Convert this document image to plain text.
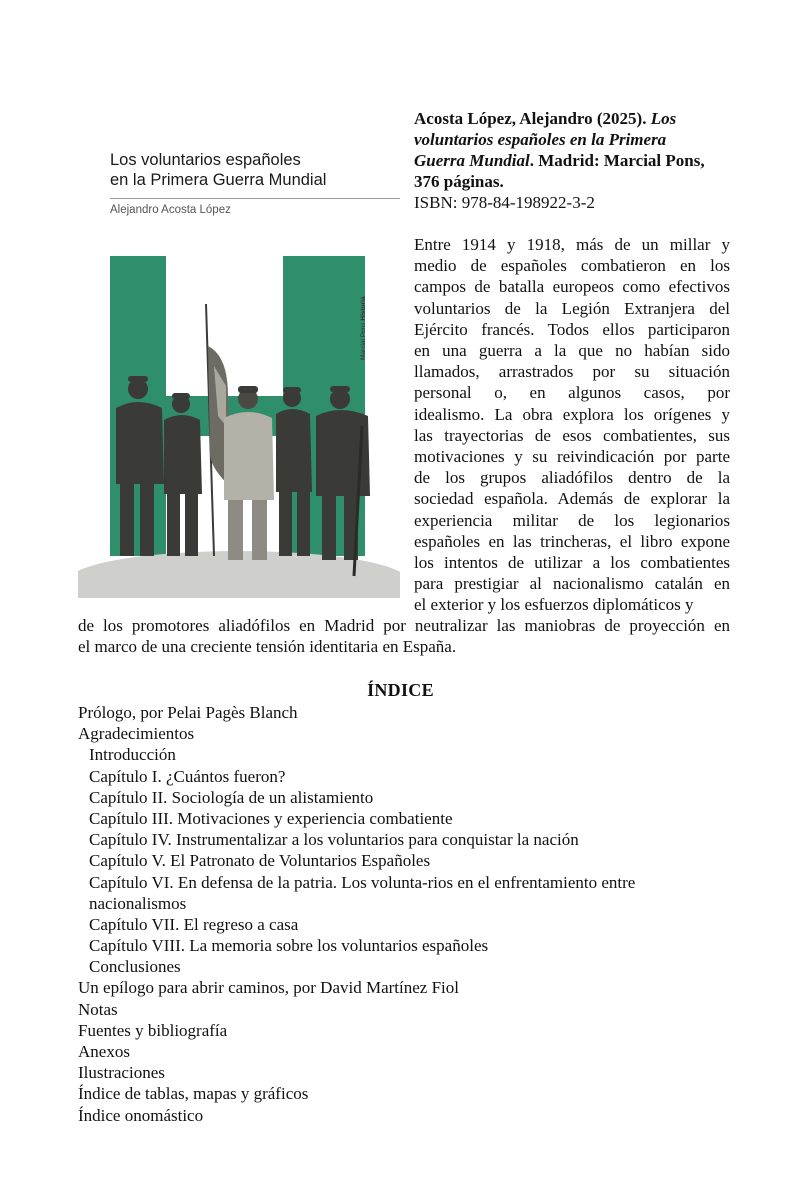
Los voluntarios españoles
en la Primera Guerra Mundial
Alejandro Acosta López
Marcial Pons Historia
Acosta López, Alejandro (2025). Los
voluntarios españoles en la Primera
Guerra Mundial. Madrid: Marcial Pons,
376 páginas.
ISBN: 978-84-198922-3-2
Entre 1914 y 1918, más de un millar y
medio de españoles combatieron en los
campos de batalla europeos como efectivos
voluntarios de la Legión Extranjera del
Ejército francés. Todos ellos participaron
en una guerra a la que no habían sido
llamados, arrastrados por su situación
personal o, en algunos casos, por
idealismo. La obra explora los orígenes y
las trayectorias de esos combatientes, sus
motivaciones y su reivindicación por parte
de los grupos aliadófilos dentro de la
sociedad española. Además de explorar la
experiencia militar de los legionarios
españoles en las trincheras, el libro expone
los intentos de utilizar a los combatientes
para prestigiar al nacionalismo catalán en
el exterior y los esfuerzos diplomáticos y
de los promotores aliadófilos en Madrid por neutralizar las maniobras de proyección en
el marco de una creciente tensión identitaria en España.
ÍNDICE
Prólogo, por Pelai Pagès Blanch
Agradecimientos
Introducción
Capítulo I. ¿Cuántos fueron?
Capítulo II. Sociología de un alistamiento
Capítulo III. Motivaciones y experiencia combatiente
Capítulo IV. Instrumentalizar a los voluntarios para conquistar la nación
Capítulo V. El Patronato de Voluntarios Españoles
Capítulo VI. En defensa de la patria. Los volunta-rios en el enfrentamiento entre
nacionalismos
Capítulo VII. El regreso a casa
Capítulo VIII. La memoria sobre los voluntarios españoles
Conclusiones
Un epílogo para abrir caminos, por David Martínez Fiol
Notas
Fuentes y bibliografía
Anexos
Ilustraciones
Índice de tablas, mapas y gráficos
Índice onomástico
